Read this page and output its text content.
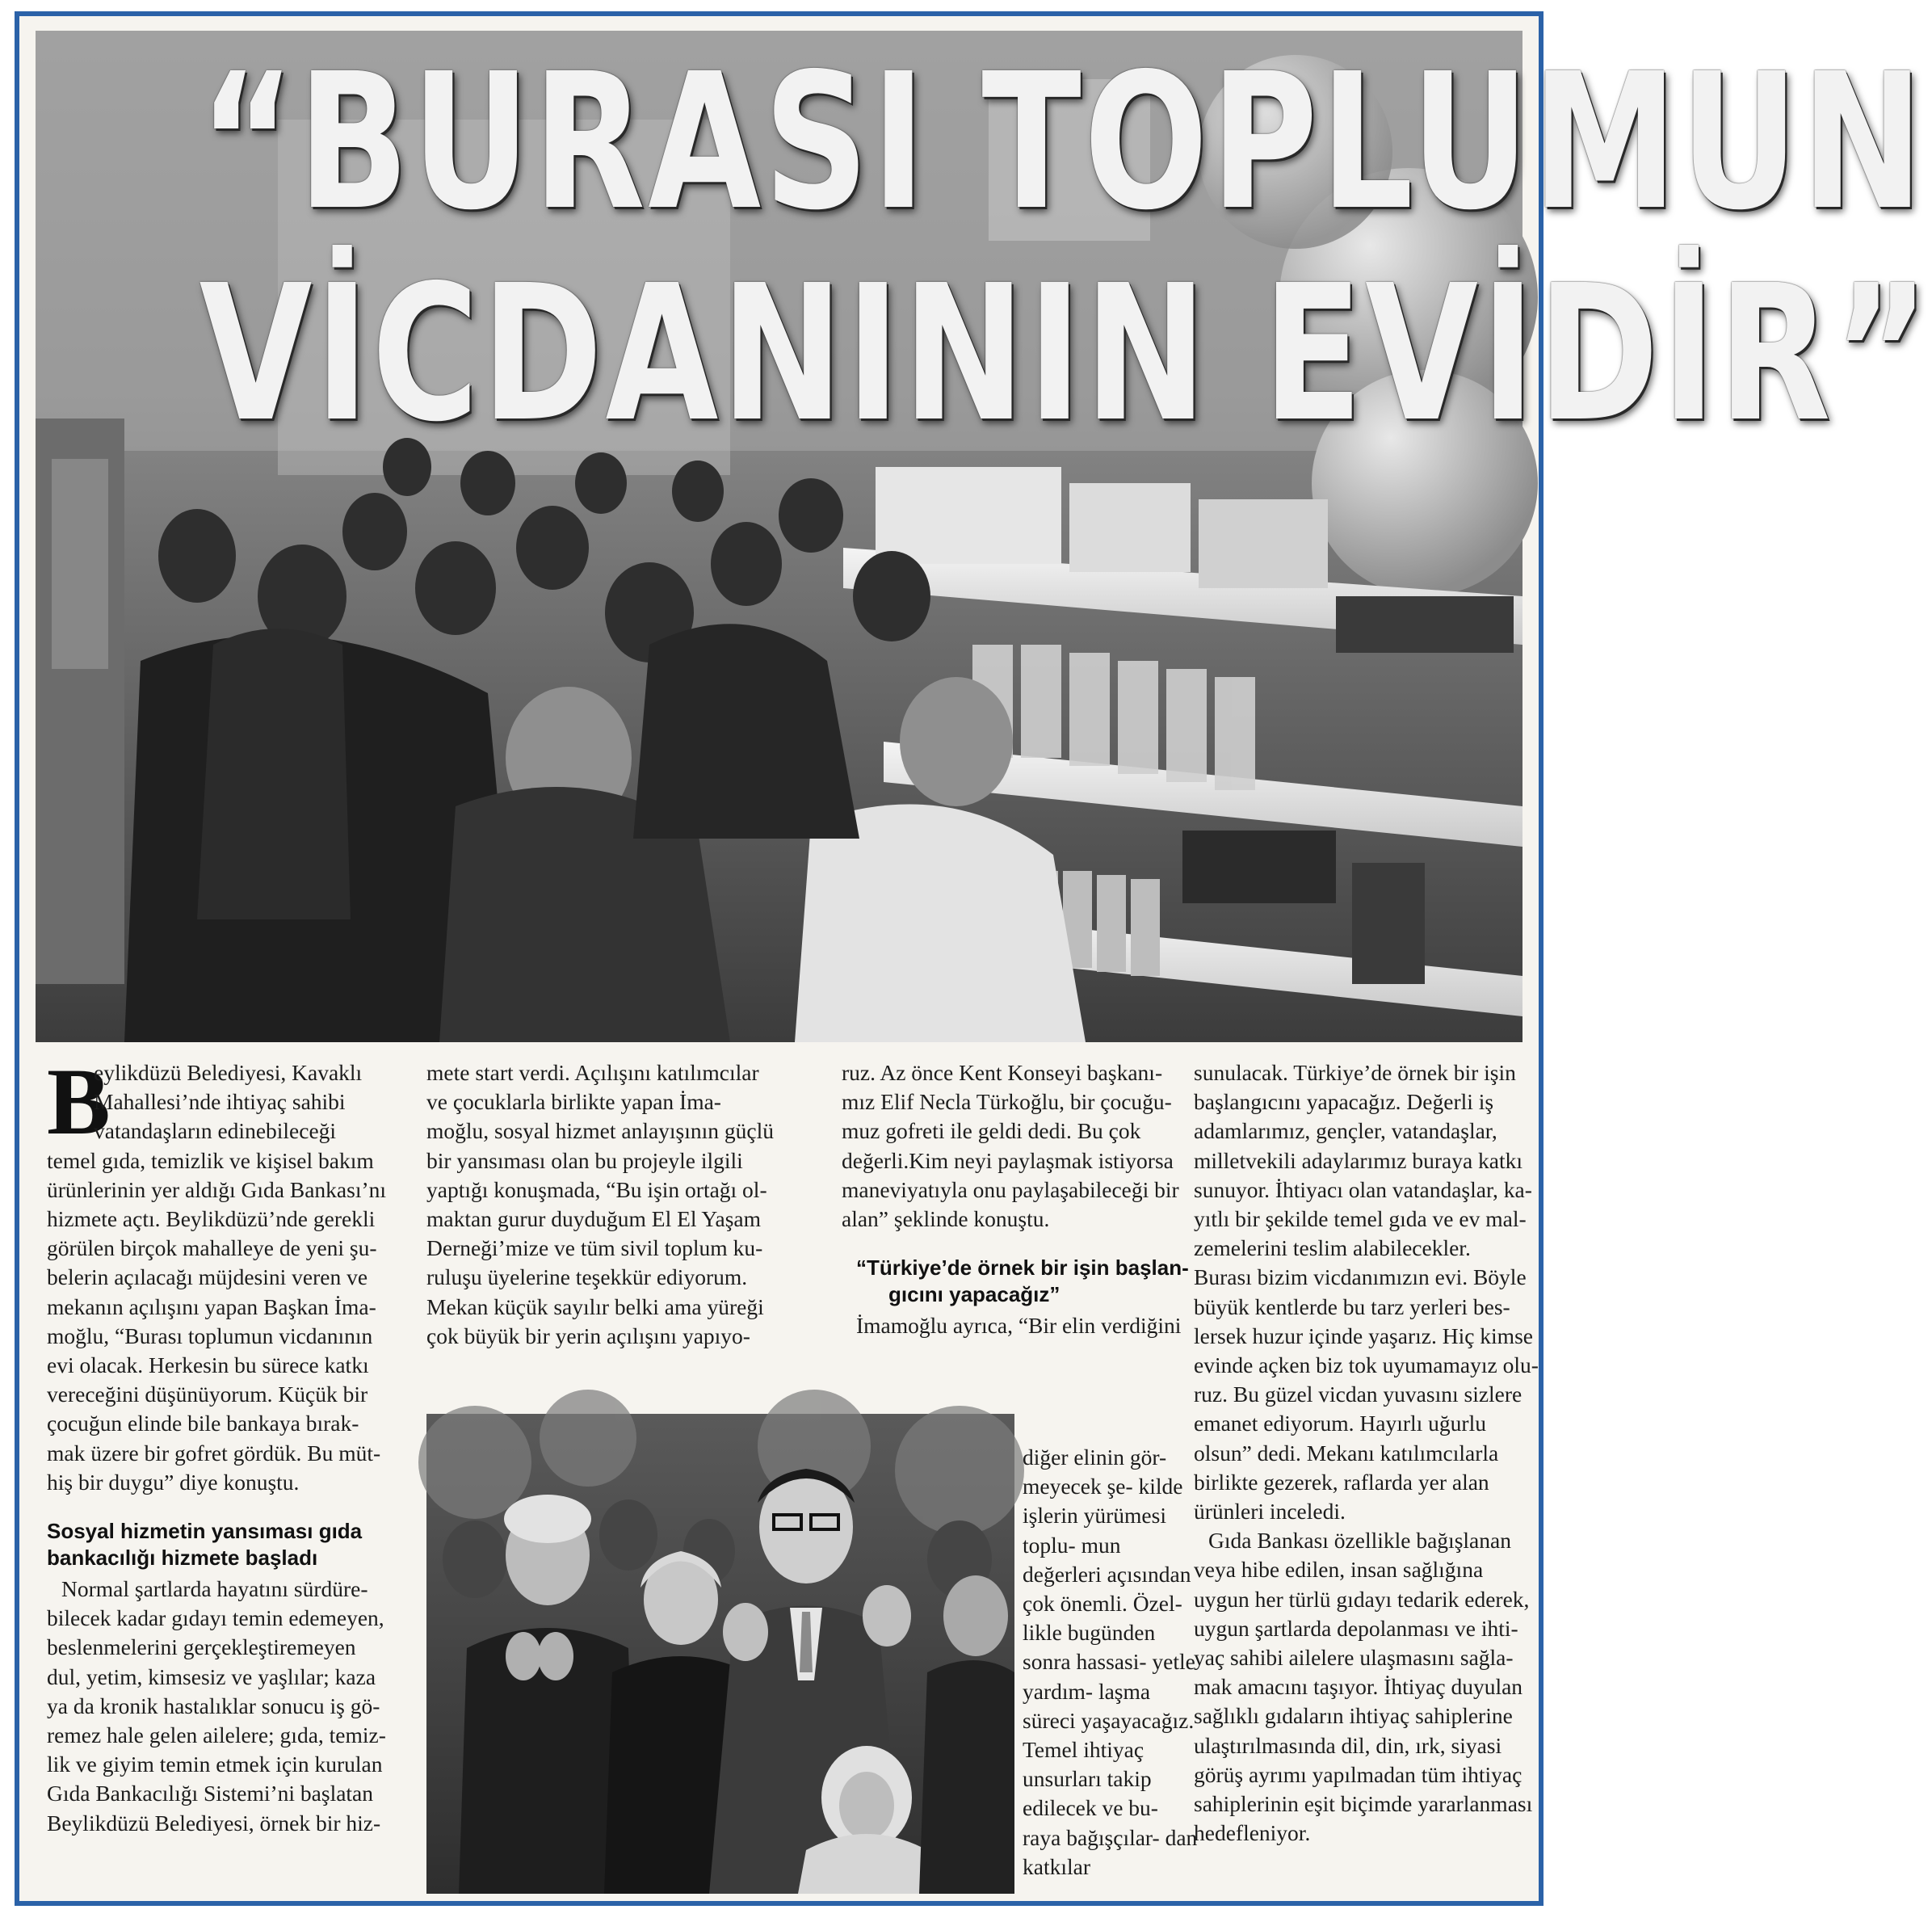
“BURASI TOPLUMUN
VİCDANININ EVİDİR”
B
eylikdüzü Belediyesi, Kavaklı
Mahallesi’nde ihtiyaç sahibi
vatandaşların edinebileceği
temel gıda, temizlik ve kişisel bakım
ürünlerinin yer aldığı Gıda Bankası’nı
hizmete açtı. Beylikdüzü’nde gerekli
görülen birçok mahalleye de yeni şu-
belerin açılacağı müjdesini veren ve
mekanın açılışını yapan Başkan İma-
moğlu, “Burası toplumun vicdanının
evi olacak. Herkesin bu sürece katkı
vereceğini düşünüyorum. Küçük bir
çocuğun elinde bile bankaya bırak-
mak üzere bir gofret gördük. Bu müt-
hiş bir duygu” diye konuştu.
Sosyal hizmetin yansıması gıda
bankacılığı hizmete başladı
Normal şartlarda hayatını sürdüre-
bilecek kadar gıdayı temin edemeyen,
beslenmelerini gerçekleştiremeyen
dul, yetim, kimsesiz ve yaşlılar; kaza
ya da kronik hastalıklar sonucu iş gö-
remez hale gelen ailelere; gıda, temiz-
lik ve giyim temin etmek için kurulan
Gıda Bankacılığı Sistemi’ni başlatan
Beylikdüzü Belediyesi, örnek bir hiz-
mete start verdi. Açılışını katılımcılar
ve çocuklarla birlikte yapan İma-
moğlu, sosyal hizmet anlayışının güçlü
bir yansıması olan bu projeyle ilgili
yaptığı konuşmada, “Bu işin ortağı ol-
maktan gurur duyduğum El El Yaşam
Derneği’mize ve tüm sivil toplum ku-
ruluşu üyelerine teşekkür ediyorum.
Mekan küçük sayılır belki ama yüreği
çok büyük bir yerin açılışını yapıyo-
ruz. Az önce Kent Konseyi başkanı-
mız Elif Necla Türkoğlu, bir çocuğu-
muz gofreti ile geldi dedi. Bu çok
değerli.Kim neyi paylaşmak istiyorsa
maneviyatıyla onu paylaşabileceği bir
alan” şeklinde konuştu.
“Türkiye’de örnek bir işin başlan-
gıcını yapacağız”
İmamoğlu ayrıca, “Bir elin verdiğini
diğer elinin gör- meyecek şe- kilde işlerin yürümesi toplu- mun değerleri açısından çok önemli. Özel- likle bugünden sonra hassasi- yetle yardım- laşma süreci yaşayacağız. Temel ihtiyaç unsurları takip edilecek ve bu- raya bağışçılar- dan katkılar
sunulacak. Türkiye’de örnek bir işin
başlangıcını yapacağız. Değerli iş
adamlarımız, gençler, vatandaşlar,
milletvekili adaylarımız buraya katkı
sunuyor. İhtiyacı olan vatandaşlar, ka-
yıtlı bir şekilde temel gıda ve ev mal-
zemelerini teslim alabilecekler.
Burası bizim vicdanımızın evi. Böyle
büyük kentlerde bu tarz yerleri bes-
lersek huzur içinde yaşarız. Hiç kimse
evinde açken biz tok uyumamayız olu-
ruz. Bu güzel vicdan yuvasını sizlere
emanet ediyorum. Hayırlı uğurlu
olsun” dedi. Mekanı katılımcılarla
birlikte gezerek, raflarda yer alan
ürünleri inceledi.
Gıda Bankası özellikle bağışlanan
veya hibe edilen, insan sağlığına
uygun her türlü gıdayı tedarik ederek,
uygun şartlarda depolanması ve ihti-
yaç sahibi ailelere ulaşmasını sağla-
mak amacını taşıyor. İhtiyaç duyulan
sağlıklı gıdaların ihtiyaç sahiplerine
ulaştırılmasında dil, din, ırk, siyasi
görüş ayrımı yapılmadan tüm ihtiyaç
sahiplerinin eşit biçimde yararlanması
hedefleniyor.
